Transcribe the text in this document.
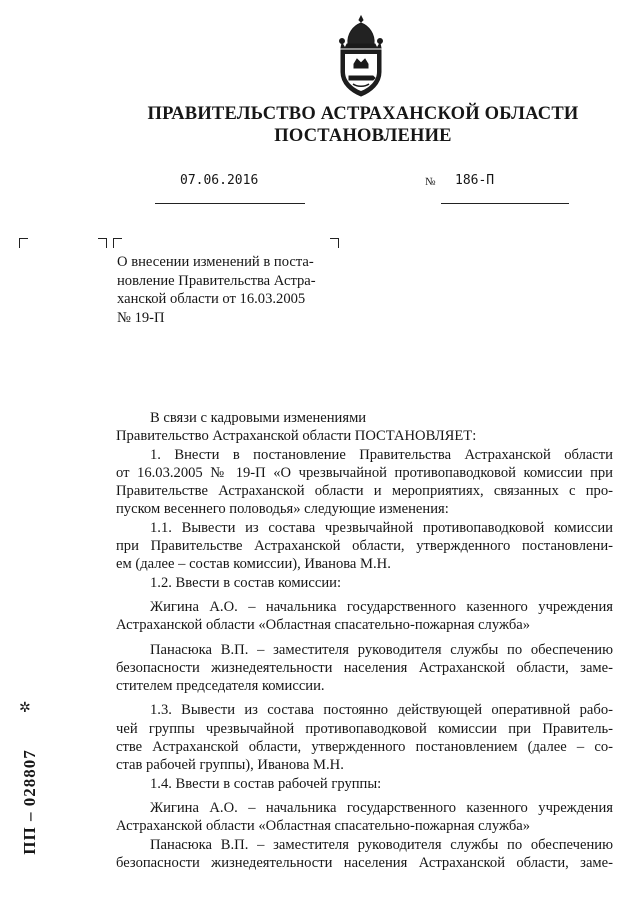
ПРАВИТЕЛЬСТВО АСТРАХАНСКОЙ ОБЛАСТИ
ПОСТАНОВЛЕНИЕ
07.06.2016	№ 186-П
О внесении изменений в поста-
новление Правительства Астра-
ханской области от 16.03.2005
№ 19-П
В связи с кадровыми изменениями
Правительство Астраханской области ПОСТАНОВЛЯЕТ:
1. Внести в постановление Правительства Астраханской области
от 16.03.2005 № 19-П «О чрезвычайной противопаводковой комиссии при
Правительстве Астраханской области и мероприятиях, связанных с про-
пуском весеннего половодья» следующие изменения:
1.1. Вывести из состава чрезвычайной противопаводковой комиссии
при Правительстве Астраханской области, утвержденного постановлени-
ем (далее – состав комиссии), Иванова М.Н.
1.2. Ввести в состав комиссии:
Жигина А.О. – начальника государственного казенного учреждения
Астраханской области «Областная спасательно-пожарная служба»
Панасюка В.П. – заместителя руководителя службы по обеспечению
безопасности жизнедеятельности населения Астраханской области, заме-
стителем председателя комиссии.
1.3. Вывести из состава постоянно действующей оперативной рабо-
чей группы чрезвычайной противопаводковой комиссии при Правитель-
стве Астраханской области, утвержденного постановлением (далее – со-
став рабочей группы), Иванова М.Н.
1.4. Ввести в состав рабочей группы:
Жигина А.О. – начальника государственного казенного учреждения
Астраханской области «Областная спасательно-пожарная служба»
Панасюка В.П. – заместителя руководителя службы по обеспечению
безопасности жизнедеятельности населения Астраханской области, заме-
✲
ПП – 028807
